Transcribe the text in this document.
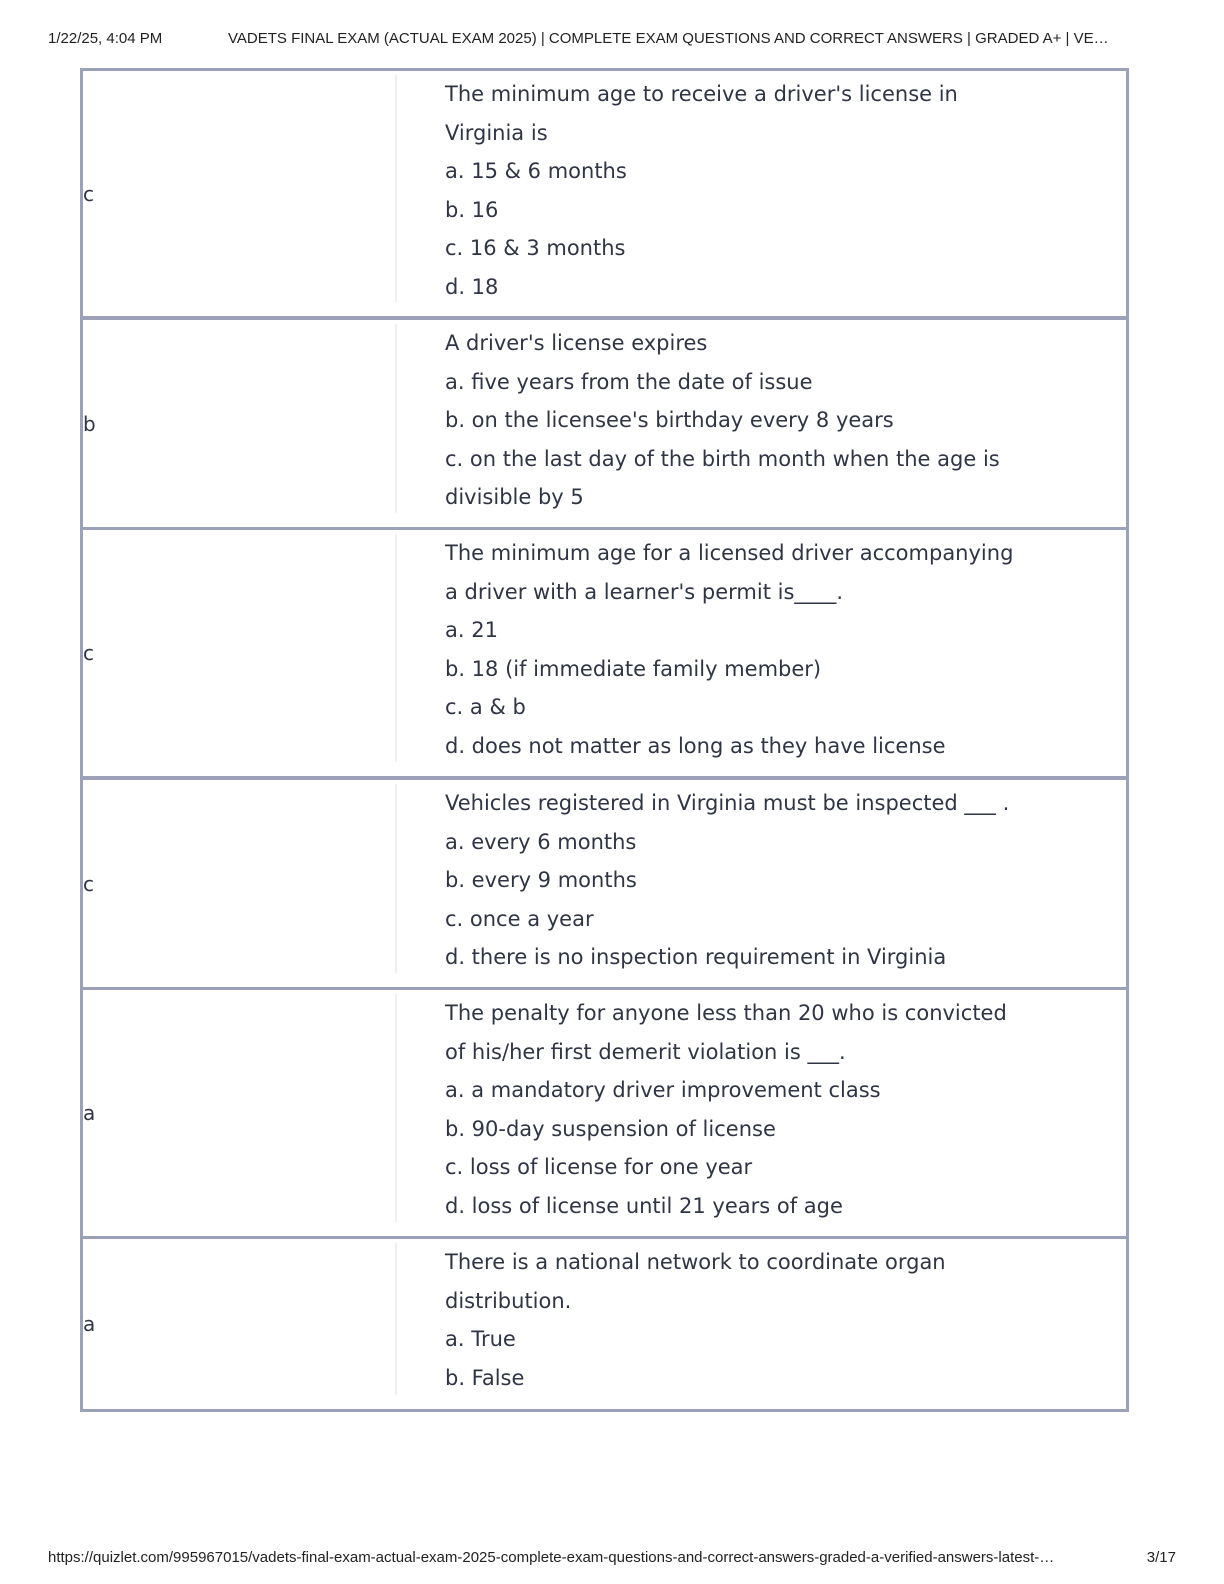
1/22/25, 4:04 PM	VADETS FINAL EXAM (ACTUAL EXAM 2025) | COMPLETE EXAM QUESTIONS AND CORRECT ANSWERS | GRADED A+ | VE…
c
The minimum age to receive a driver's license in
Virginia is
a. 15 & 6 months
b. 16
c. 16 & 3 months
d. 18
b
A driver's license expires
a. five years from the date of issue
b. on the licensee's birthday every 8 years
c. on the last day of the birth month when the age is
divisible by 5
c
The minimum age for a licensed driver accompanying
a driver with a learner's permit is____.
a. 21
b. 18 (if immediate family member)
c. a & b
d. does not matter as long as they have license
c
Vehicles registered in Virginia must be inspected ___ .
a. every 6 months
b. every 9 months
c. once a year
d. there is no inspection requirement in Virginia
a
The penalty for anyone less than 20 who is convicted
of his/her first demerit violation is ___.
a. a mandatory driver improvement class
b. 90-day suspension of license
c. loss of license for one year
d. loss of license until 21 years of age
a
There is a national network to coordinate organ
distribution.
a. True
b. False
https://quizlet.com/995967015/vadets-final-exam-actual-exam-2025-complete-exam-questions-and-correct-answers-graded-a-verified-answers-latest-…	3/17
